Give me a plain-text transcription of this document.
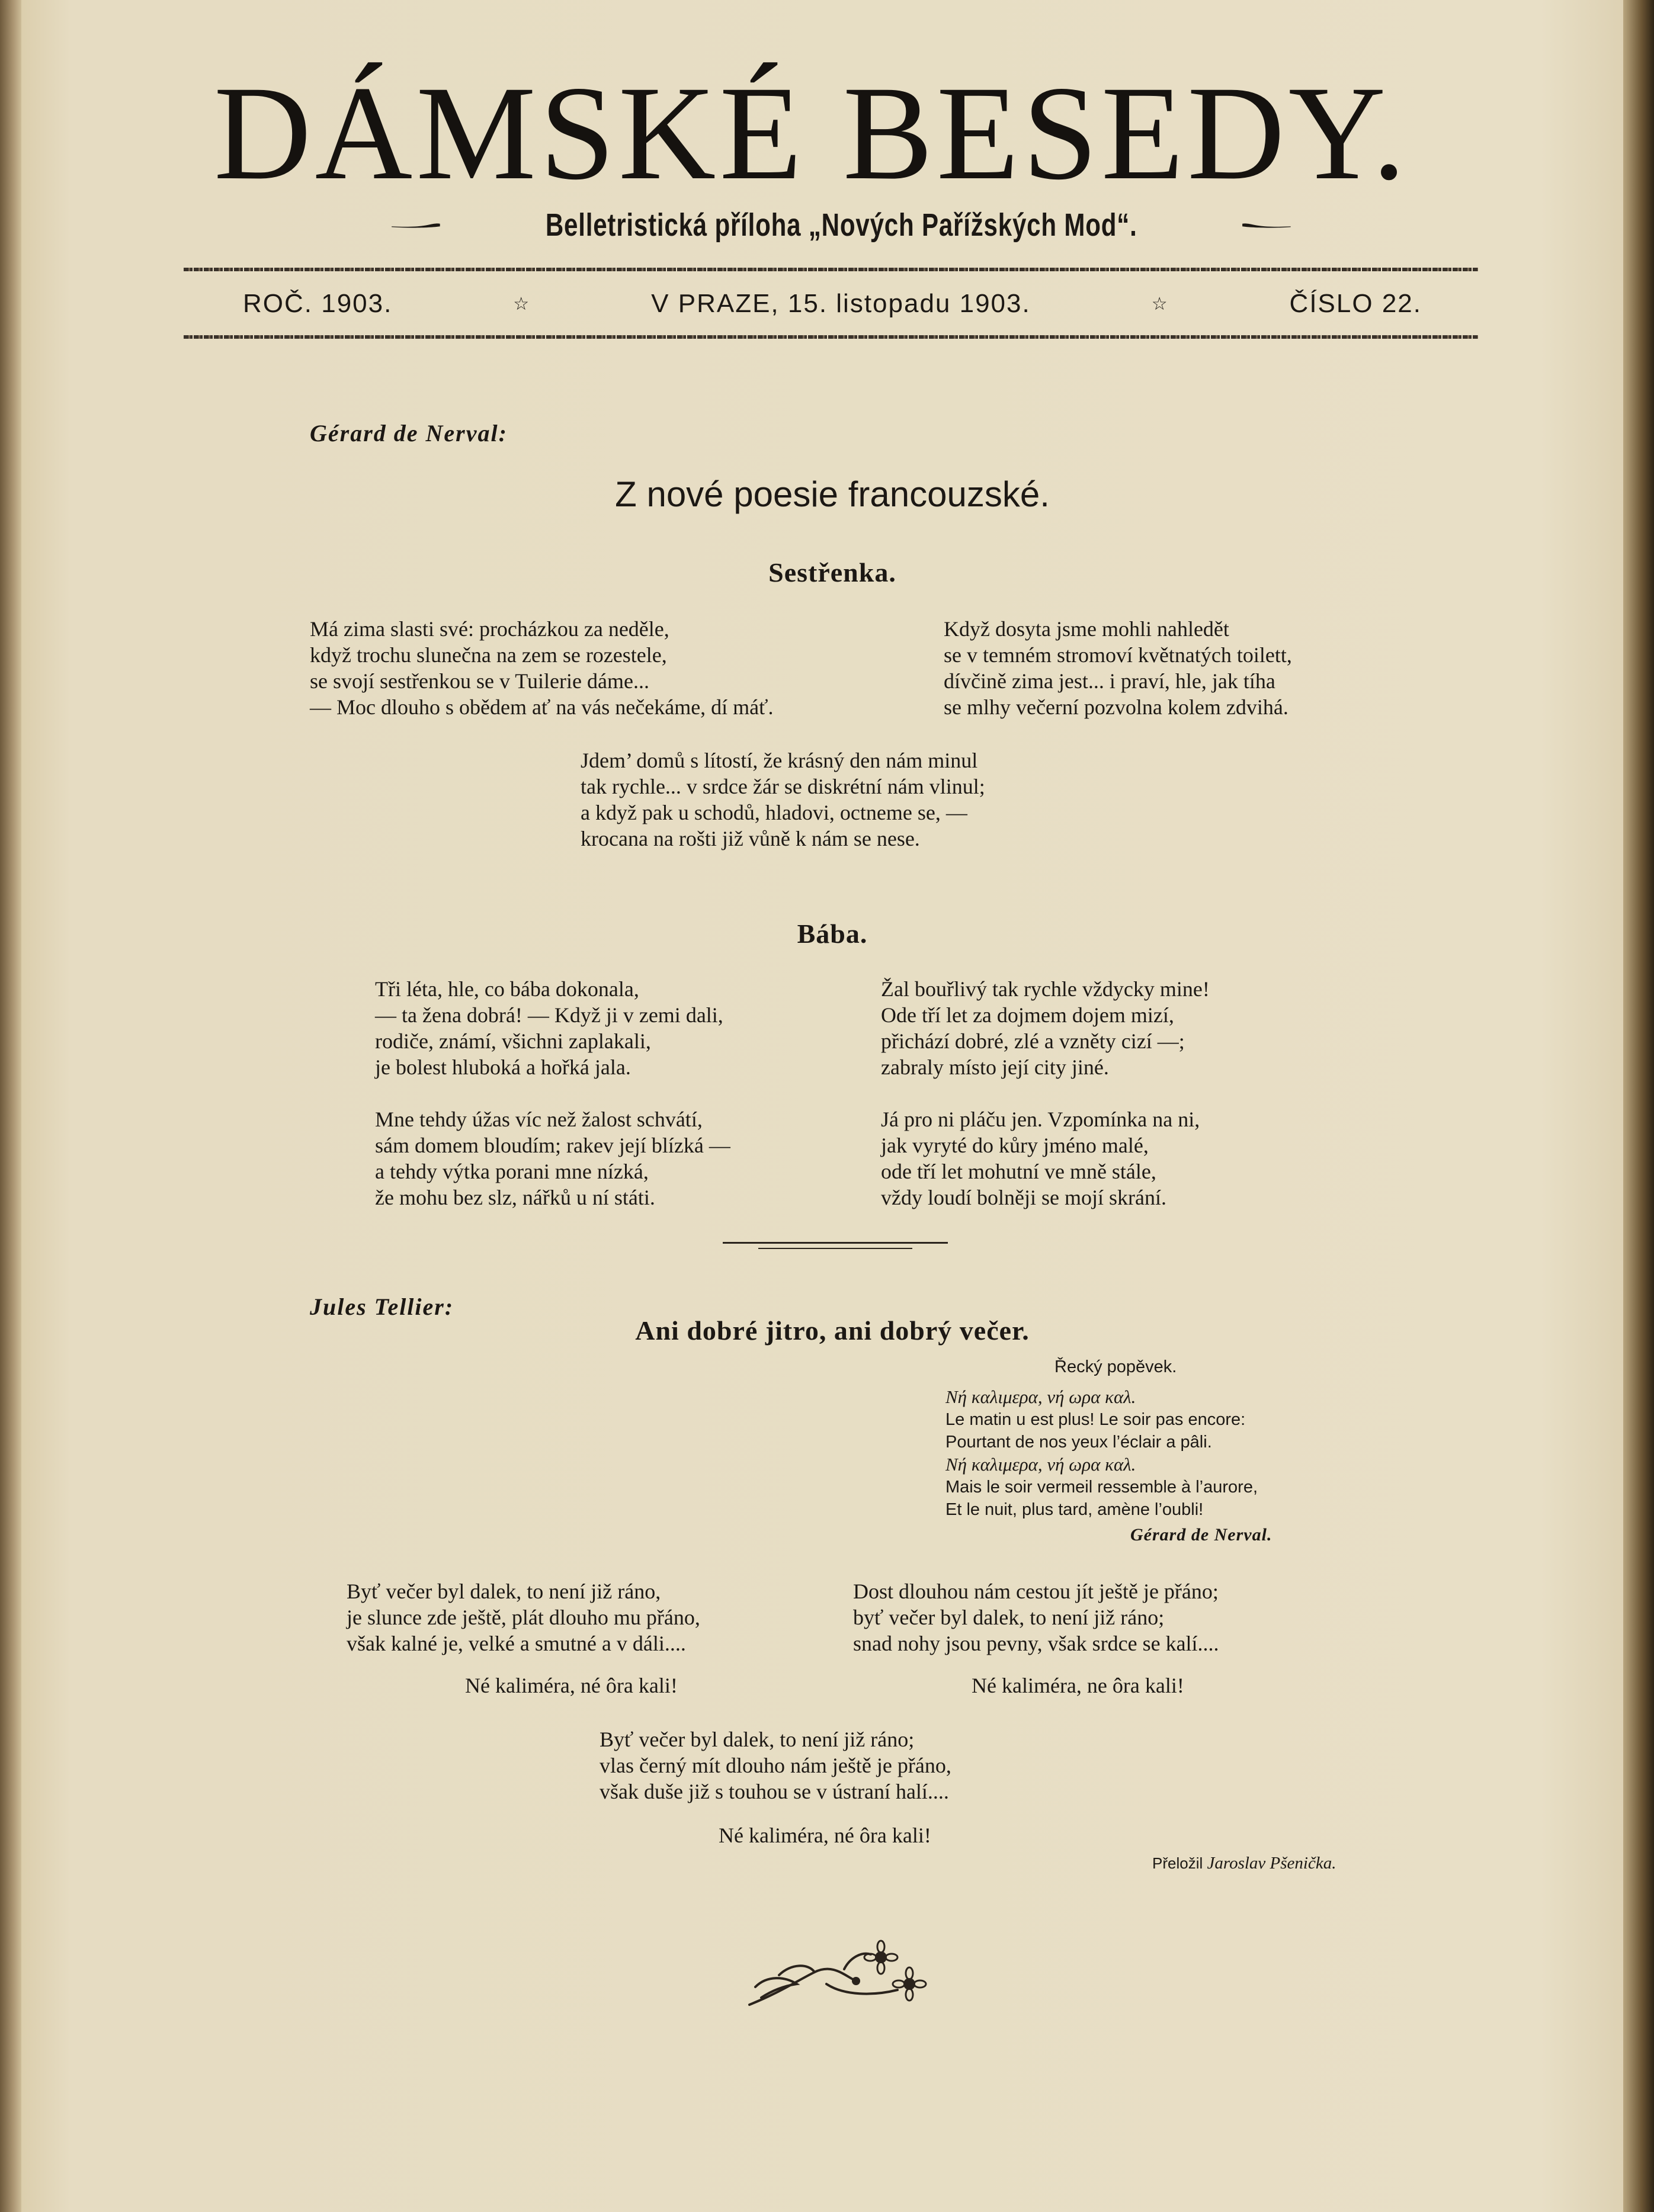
DÁMSKÉ BESEDY.
Belletristická příloha „Nových Pařížských Mod“.
ROČ. 1903.	☆	V PRAZE, 15. listopadu 1903.	☆	ČÍSLO 22.
Gérard de Nerval:
Z nové poesie francouzské.
Sestřenka.
Má zima slasti své: procházkou za neděle,
když trochu slunečna na zem se rozestele,
se svojí sestřenkou se v Tuilerie dáme...
— Moc dlouho s obědem ať na vás nečekáme, dí máť.
Když dosyta jsme mohli nahledět
se v temném stromoví květnatých toilett,
dívčině zima jest... i praví, hle, jak tíha
se mlhy večerní pozvolna kolem zdvihá.
Jdem’ domů s lítostí, že krásný den nám minul
tak rychle... v srdce žár se diskrétní nám vlinul;
a když pak u schodů, hladovi, octneme se, —
krocana na rošti již vůně k nám se nese.
Bába.
Tři léta, hle, co bába dokonala,
— ta žena dobrá! — Když ji v zemi dali,
rodiče, známí, všichni zaplakali,
je bolest hluboká a hořká jala.
Mne tehdy úžas víc než žalost schvátí,
sám domem bloudím; rakev její blízká —
a tehdy výtka porani mne nízká,
že mohu bez slz, nářků u ní státi.
Žal bouřlivý tak rychle vždycky mine!
Ode tří let za dojmem dojem mizí,
přichází dobré, zlé a vzněty cizí —;
zabraly místo její city jiné.
Já pro ni pláču jen. Vzpomínka na ni,
jak vyryté do kůry jméno malé,
ode tří let mohutní ve mně stále,
vždy loudí bolněji se mojí skrání.
Jules Tellier:
Ani dobré jitro, ani dobrý večer.
Řecký popěvek.
Nή καλιμερα, νή ωρα καλ.
Le matin u est plus! Le soir pas encore:
Pourtant de nos yeux l’éclair a pâli.
Nή καλιμερα, νή ωρα καλ.
Mais le soir vermeil ressemble à l’aurore,
Et le nuit, plus tard, amène l’oubli!
Gérard de Nerval.
Byť večer byl dalek, to není již ráno,
je slunce zde ještě, plát dlouho mu přáno,
však kalné je, velké a smutné a v dáli....
Né kaliméra, né ôra kali!
Dost dlouhou nám cestou jít ještě je přáno;
byť večer byl dalek, to není již ráno;
snad nohy jsou pevny, však srdce se kalí....
Né kaliméra, ne ôra kali!
Byť večer byl dalek, to není již ráno;
vlas černý mít dlouho nám ještě je přáno,
však duše již s touhou se v ústraní halí....
Né kaliméra, né ôra kali!
Přeložil Jaroslav Pšenička.
